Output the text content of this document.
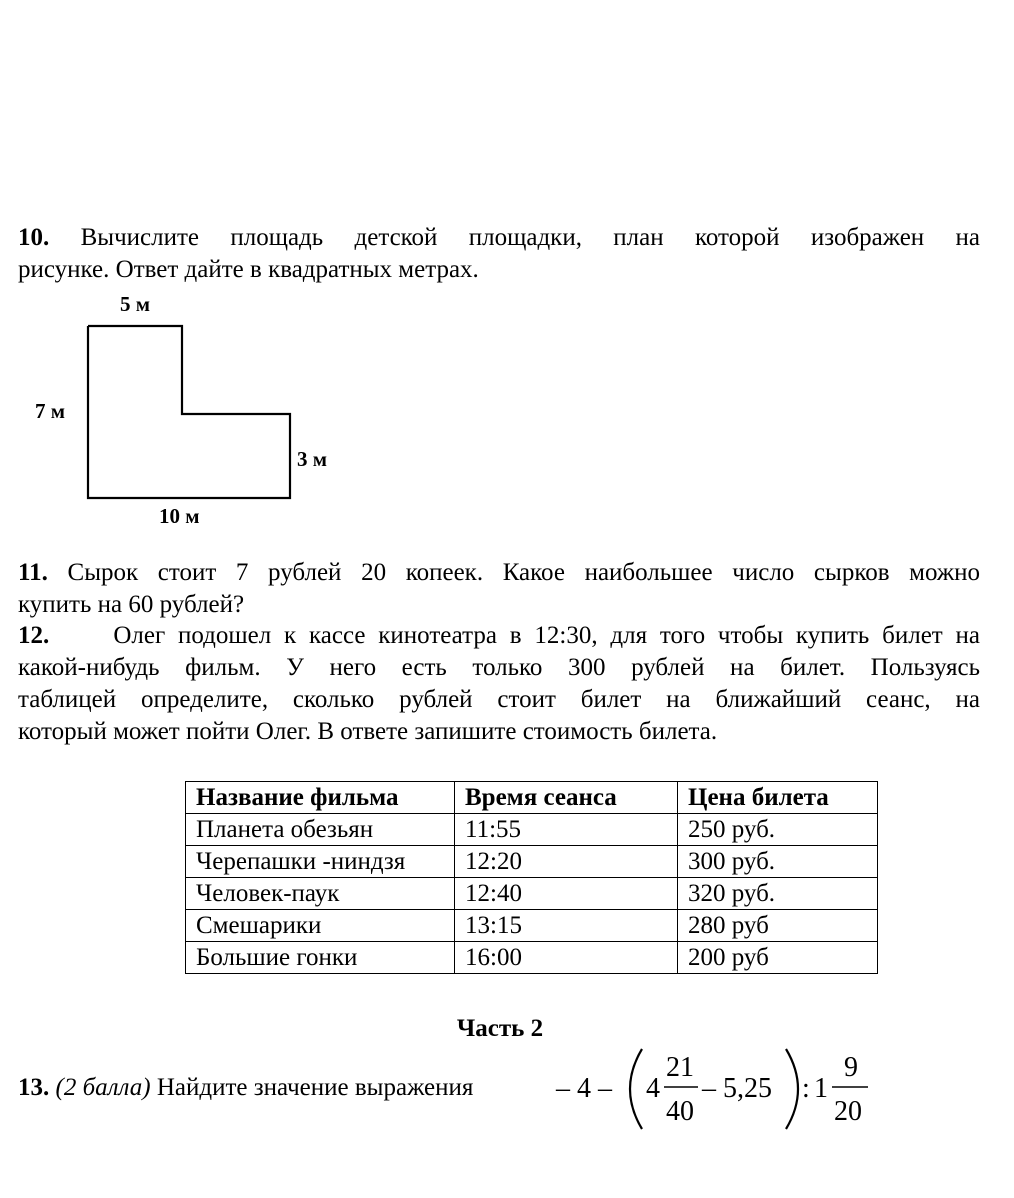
10. Вычислите площадь детской площадки, план которой изображен на
рисунке. Ответ дайте в квадратных метрах.
5 м
7 м
3 м
10 м
11. Сырок стоит 7 рублей 20 копеек. Какое наибольшее число сырков можно
купить на 60 рублей?
12.	Олег подошел к кассе кинотеатра в 12:30, для того чтобы купить билет на
какой-нибудь фильм. У него есть только 300 рублей на билет. Пользуясь
таблицей определите, сколько рублей стоит билет на ближайший сеанс, на
который может пойти Олег. В ответе запишите стоимость билета.
Название фильма	Время сеанса	Цена билета
Планета обезьян	11:55	250 руб.
Черепашки -ниндзя	12:20	300 руб.
Человек-паук	12:40	320 руб.
Смешарики	13:15	280 руб
Большие гонки	16:00	200 руб
Часть 2
13. (2 балла) Найдите значение выражения	– 4 – 4
21
40
– 5,25 : 1
9
20
